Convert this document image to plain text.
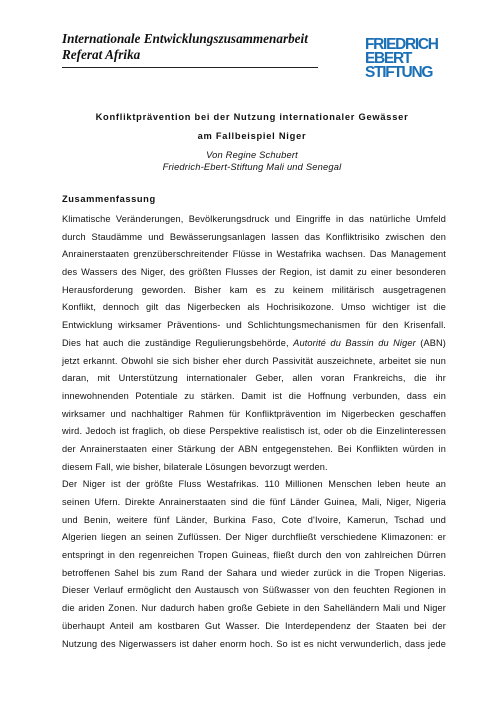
Internationale Entwicklungszusammenarbeit
Referat Afrika
FRIEDRICH
EBERT
STIFTUNG
Konfliktprävention bei der Nutzung internationaler Gewässer
am Fallbeispiel Niger
Von Regine Schubert
Friedrich-Ebert-Stiftung Mali und Senegal
Zusammenfassung
Klimatische Veränderungen, Bevölkerungsdruck und Eingriffe in das natürliche Umfeld
durch Staudämme und Bewässerungsanlagen lassen das Konfliktrisiko zwischen den
Anrainerstaaten grenzüberschreitender Flüsse in Westafrika wachsen. Das Management
des Wassers des Niger, des größten Flusses der Region, ist damit zu einer besonderen
Herausforderung geworden. Bisher kam es zu keinem militärisch ausgetragenen
Konflikt, dennoch gilt das Nigerbecken als Hochrisikozone. Umso wichtiger ist die
Entwicklung wirksamer Präventions- und Schlichtungsmechanismen für den Krisenfall.
Dies hat auch die zuständige Regulierungsbehörde, Autorité du Bassin du Niger (ABN)
jetzt erkannt. Obwohl sie sich bisher eher durch Passivität auszeichnete, arbeitet sie nun
daran, mit Unterstützung internationaler Geber, allen voran Frankreichs, die ihr
innewohnenden Potentiale zu stärken. Damit ist die Hoffnung verbunden, dass ein
wirksamer und nachhaltiger Rahmen für Konfliktprävention im Nigerbecken geschaffen
wird. Jedoch ist fraglich, ob diese Perspektive realistisch ist, oder ob die Einzelinteressen
der Anrainerstaaten einer Stärkung der ABN entgegenstehen. Bei Konflikten würden in
diesem Fall, wie bisher, bilaterale Lösungen bevorzugt werden.
Der Niger ist der größte Fluss Westafrikas. 110 Millionen Menschen leben heute an
seinen Ufern. Direkte Anrainerstaaten sind die fünf Länder Guinea, Mali, Niger, Nigeria
und Benin, weitere fünf Länder, Burkina Faso, Cote d'Ivoire, Kamerun, Tschad und
Algerien liegen an seinen Zuflüssen. Der Niger durchfließt verschiedene Klimazonen: er
entspringt in den regenreichen Tropen Guineas, fließt durch den von zahlreichen Dürren
betroffenen Sahel bis zum Rand der Sahara und wieder zurück in die Tropen Nigerias.
Dieser Verlauf ermöglicht den Austausch von Süßwasser von den feuchten Regionen in
die ariden Zonen. Nur dadurch haben große Gebiete in den Sahelländern Mali und Niger
überhaupt Anteil am kostbaren Gut Wasser. Die Interdependenz der Staaten bei der
Nutzung des Nigerwassers ist daher enorm hoch. So ist es nicht verwunderlich, dass jede
